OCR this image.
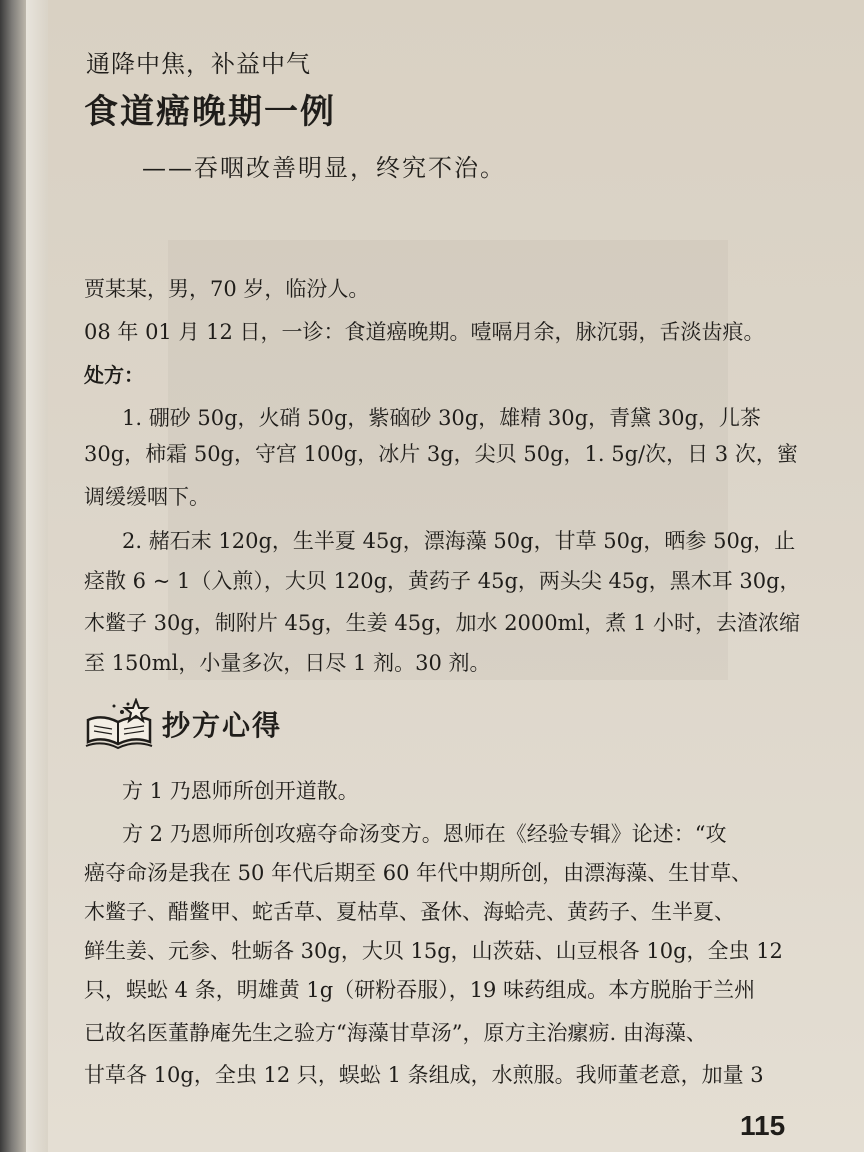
通降中焦，补益中气
食道癌晚期一例
——吞咽改善明显，终究不治。
贾某某，男，70 岁，临汾人。
08 年 01 月 12 日，一诊：食道癌晚期。噎嗝月余，脉沉弱，舌淡齿痕。
处方：
1. 硼砂 50g，火硝 50g，紫硇砂 30g，雄精 30g，青黛 30g，儿茶
30g，柿霜 50g，守宫 100g，冰片 3g，尖贝 50g，1. 5g/次，日 3 次，蜜
调缓缓咽下。
2. 赭石末 120g，生半夏 45g，漂海藻 50g，甘草 50g，晒参 50g，止
痉散 6 ~ 1（入煎），大贝 120g，黄药子 45g，两头尖 45g，黑木耳 30g，
木鳖子 30g，制附片 45g，生姜 45g，加水 2000ml，煮 1 小时，去渣浓缩
至 150ml，小量多次，日尽 1 剂。30 剂。
抄方心得
方 1 乃恩师所创开道散。
方 2 乃恩师所创攻癌夺命汤变方。恩师在《经验专辑》论述：“攻
癌夺命汤是我在 50 年代后期至 60 年代中期所创，由漂海藻、生甘草、
木鳖子、醋鳖甲、蛇舌草、夏枯草、蚤休、海蛤壳、黄药子、生半夏、
鲜生姜、元参、牡蛎各 30g，大贝 15g，山茨菇、山豆根各 10g，全虫 12
只，蜈蚣 4 条，明雄黄 1g（研粉吞服），19 味药组成。本方脱胎于兰州
已故名医董静庵先生之验方“海藻甘草汤”，原方主治瘰疬. 由海藻、
甘草各 10g，全虫 12 只，蜈蚣 1 条组成，水煎服。我师董老意，加量 3
115
